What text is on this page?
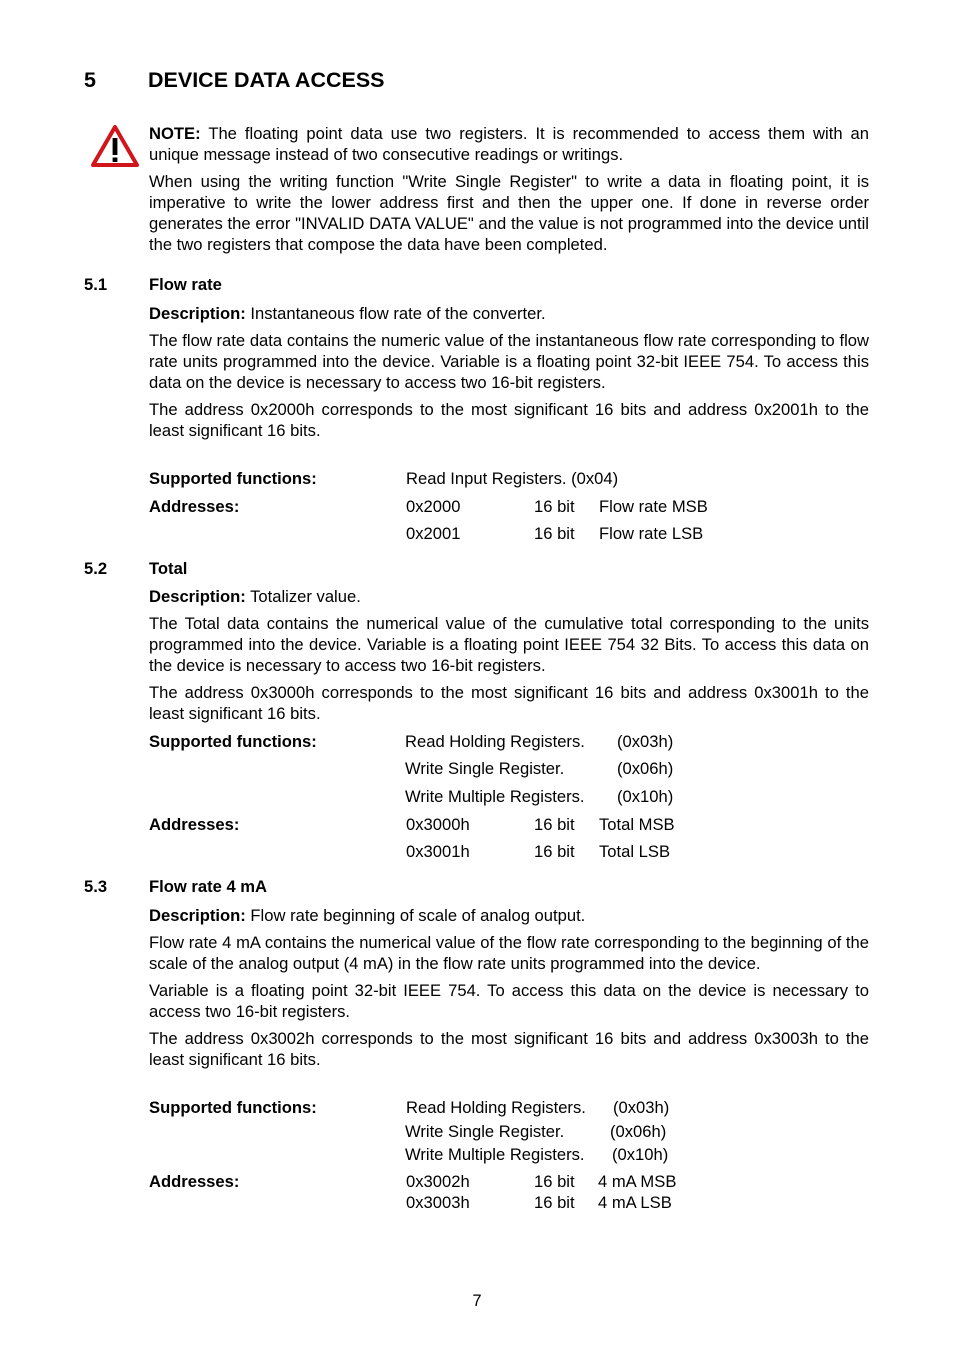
5 DEVICE DATA ACCESS

NOTE: The floating point data use two registers. It is recommended to access them with an unique message instead of two consecutive readings or writings.

When using the writing function "Write Single Register" to write a data in floating point, it is imperative to write the lower address first and then the upper one. If done in reverse order generates the error "INVALID DATA VALUE" and the value is not programmed into the device until the two registers that compose the data have been completed.

5.1	Flow rate

Description: Instantaneous flow rate of the converter.

The flow rate data contains the numeric value of the instantaneous flow rate corresponding to flow rate units programmed into the device. Variable is a floating point 32-bit IEEE 754. To access this data on the device is necessary to access two 16-bit registers.

The address 0x2000h corresponds to the most significant 16 bits and address 0x2001h to the least significant 16 bits.

Supported functions:	Read Input Registers. (0x04)
Addresses:	0x2000	16 bit Flow rate MSB
0x2001	16 bit Flow rate LSB
5.2	Total

Description: Totalizer value.

The Total data contains the numerical value of the cumulative total corresponding to the units programmed into the device. Variable is a floating point IEEE 754 32 Bits. To access this data on the device is necessary to access two 16-bit registers.

The address 0x3000h corresponds to the most significant 16 bits and address 0x3001h to the least significant 16 bits.

Supported functions:	Read Holding Registers. (0x03h)
Write Single Register.	(0x06h)
Write Multiple Registers. (0x10h)
Addresses:	0x3000h	16 bit Total MSB
0x3001h	16 bit Total LSB
5.3	Flow rate 4 mA

Description: Flow rate beginning of scale of analog output.

Flow rate 4 mA contains the numerical value of the flow rate corresponding to the beginning of the scale of the analog output (4 mA) in the flow rate units programmed into the device.

Variable is a floating point 32-bit IEEE 754. To access this data on the device is necessary to access two 16-bit registers.

The address 0x3002h corresponds to the most significant 16 bits and address 0x3003h to the least significant 16 bits.

Supported functions:	Read Holding Registers. (0x03h)
Write Single Register.	(0x06h)
Write Multiple Registers. (0x10h)
Addresses:	0x3002h	16 bit 4 mA MSB
0x3003h	16 bit 4 mA LSB
7
